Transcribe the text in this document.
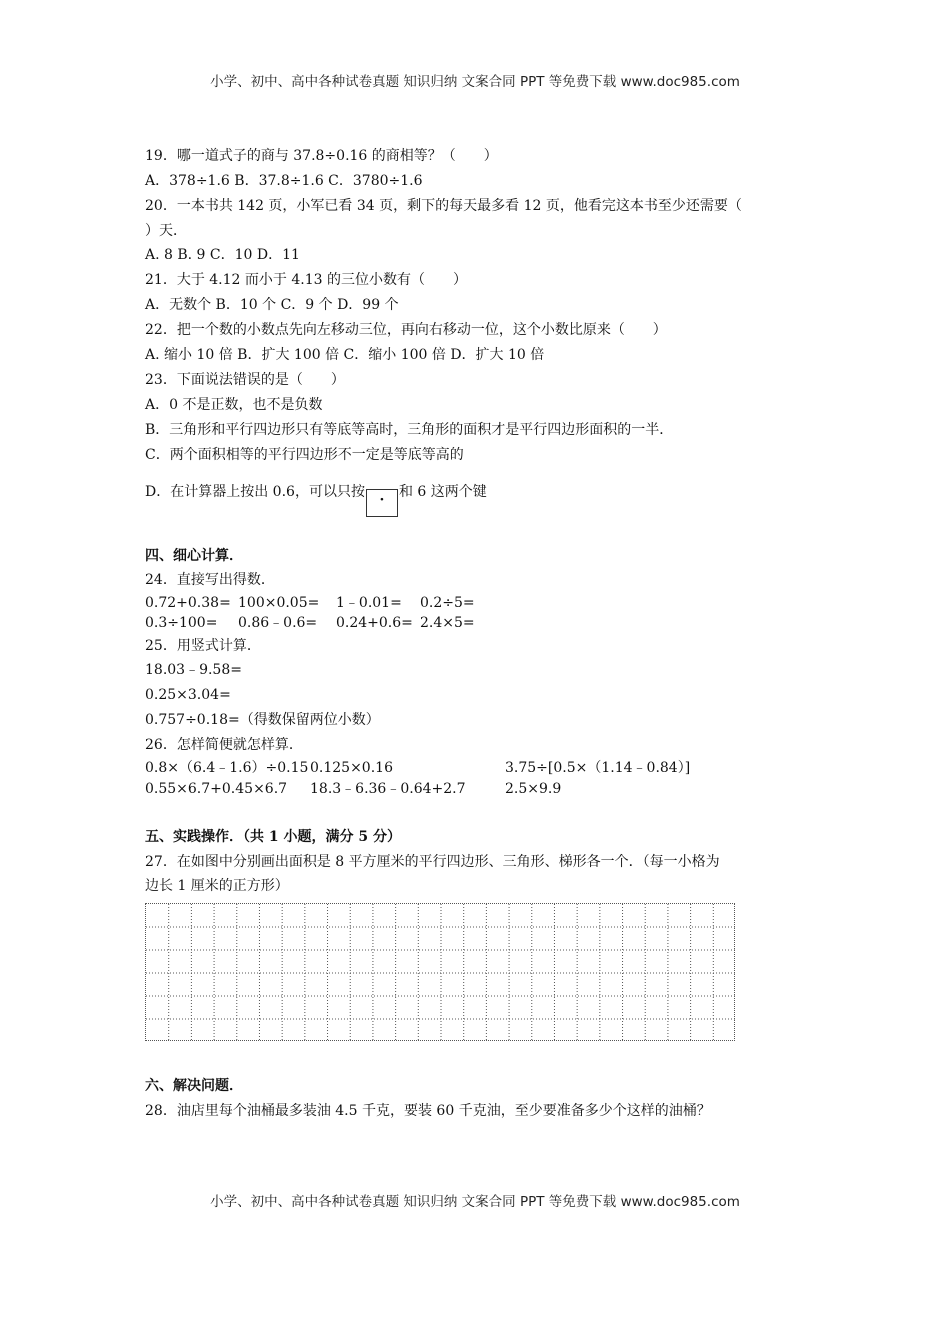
小学、初中、高中各种试卷真题 知识归纳 文案合同 PPT 等免费下载 www.doc985.com
19．哪一道式子的商与 37.8÷0.16 的商相等？（　　）
A．378÷1.6 B．37.8÷1.6 C．3780÷1.6
20．一本书共 142 页，小军已看 34 页，剩下的每天最多看 12 页，他看完这本书至少还需要（
）天．
A. 8 B. 9 C．10 D．11
21．大于 4.12 而小于 4.13 的三位小数有（　　）
A．无数个 B．10 个 C．9 个 D．99 个
22．把一个数的小数点先向左移动三位，再向右移动一位，这个小数比原来（　　）
A. 缩小 10 倍 B．扩大 100 倍 C．缩小 100 倍 D．扩大 10 倍
23．下面说法错误的是（　　）
A．0 不是正数，也不是负数
B．三角形和平行四边形只有等底等高时，三角形的面积才是平行四边形面积的一半．
C．两个面积相等的平行四边形不一定是等底等高的
D．在计算器上按出 0.6，可以只按 · 和 6 这两个键
四、细心计算．
24．直接写出得数．
0.72+0.38= 100×0.05= 1﹣0.01= 0.2÷5=
0.3÷100= 0.86﹣0.6= 0.24+0.6= 2.4×5=
25．用竖式计算．
18.03﹣9.58=
0.25×3.04=
0.757÷0.18=（得数保留两位小数）
26．怎样简便就怎样算．
0.8×（6.4﹣1.6）÷0.15 0.125×0.16	3.75÷[0.5×（1.14﹣0.84）]
0.55×6.7+0.45×6.7 18.3﹣6.36﹣0.64+2.7	2.5×9.9
五、实践操作．（共 1 小题，满分 5 分）
27．在如图中分别画出面积是 8 平方厘米的平行四边形、三角形、梯形各一个．（每一小格为
边长 1 厘米的正方形）
六、解决问题．
28．油店里每个油桶最多装油 4.5 千克，要装 60 千克油，至少要准备多少个这样的油桶？
小学、初中、高中各种试卷真题 知识归纳 文案合同 PPT 等免费下载 www.doc985.com
